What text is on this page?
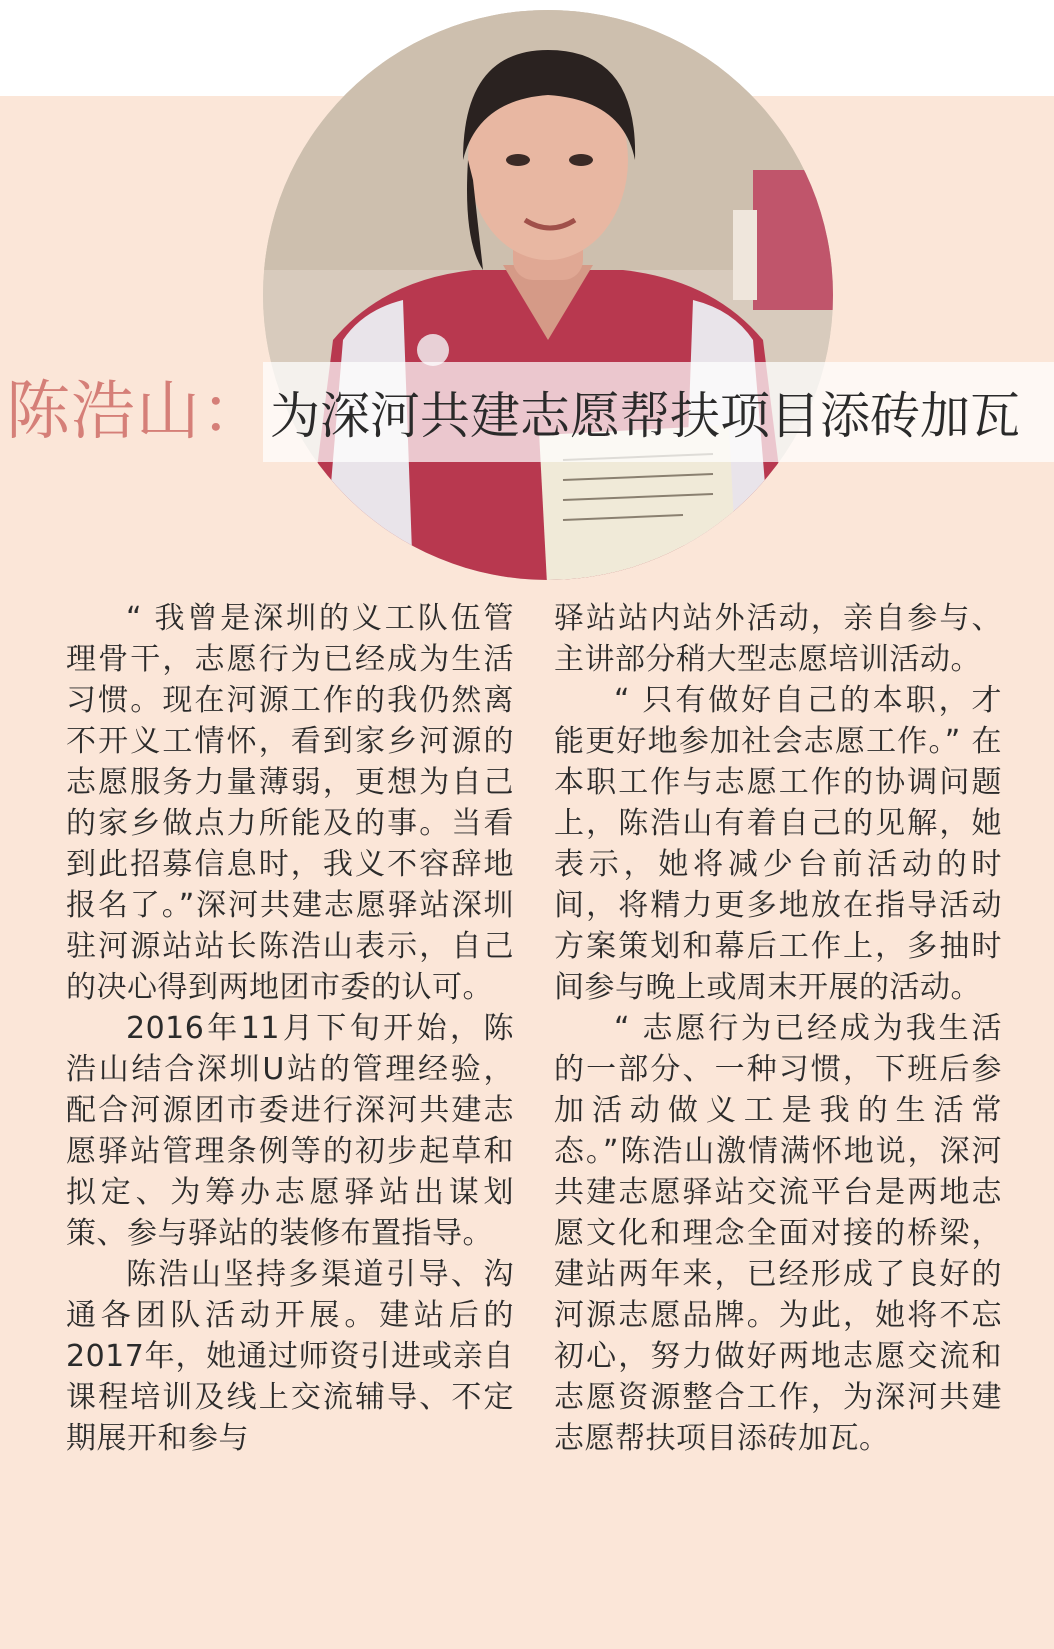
陈浩山： 为深河共建志愿帮扶项目添砖加瓦

“ 我曾是深圳的义工队伍管理骨干，志愿行为已经成为生活习惯。现在河源工作的我仍然离不开义工情怀，看到家乡河源的志愿服务力量薄弱，更想为自己的家乡做点力所能及的事。当看到此招募信息时，我义不容辞地报名了。”深河共建志愿驿站深圳驻河源站站长陈浩山表示，自己的决心得到两地团市委的认可。

2016年11月下旬开始，陈浩山结合深圳U站的管理经验，配合河源团市委进行深河共建志愿驿站管理条例等的初步起草和拟定、为筹办志愿驿站出谋划策、参与驿站的装修布置指导。

陈浩山坚持多渠道引导、沟通各团队活动开展。建站后的2017年，她通过师资引进或亲自课程培训及线上交流辅导、不定期展开和参与

驿站站内站外活动，亲自参与、主讲部分稍大型志愿培训活动。

“ 只有做好自己的本职，才能更好地参加社会志愿工作。” 在本职工作与志愿工作的协调问题上，陈浩山有着自己的见解，她表示，她将减少台前活动的时间，将精力更多地放在指导活动方案策划和幕后工作上，多抽时间参与晚上或周末开展的活动。

“ 志愿行为已经成为我生活的一部分、一种习惯，下班后参加活动做义工是我的生活常态。”陈浩山激情满怀地说，深河共建志愿驿站交流平台是两地志愿文化和理念全面对接的桥梁，建站两年来，已经形成了良好的河源志愿品牌。为此，她将不忘初心，努力做好两地志愿交流和志愿资源整合工作，为深河共建志愿帮扶项目添砖加瓦。
